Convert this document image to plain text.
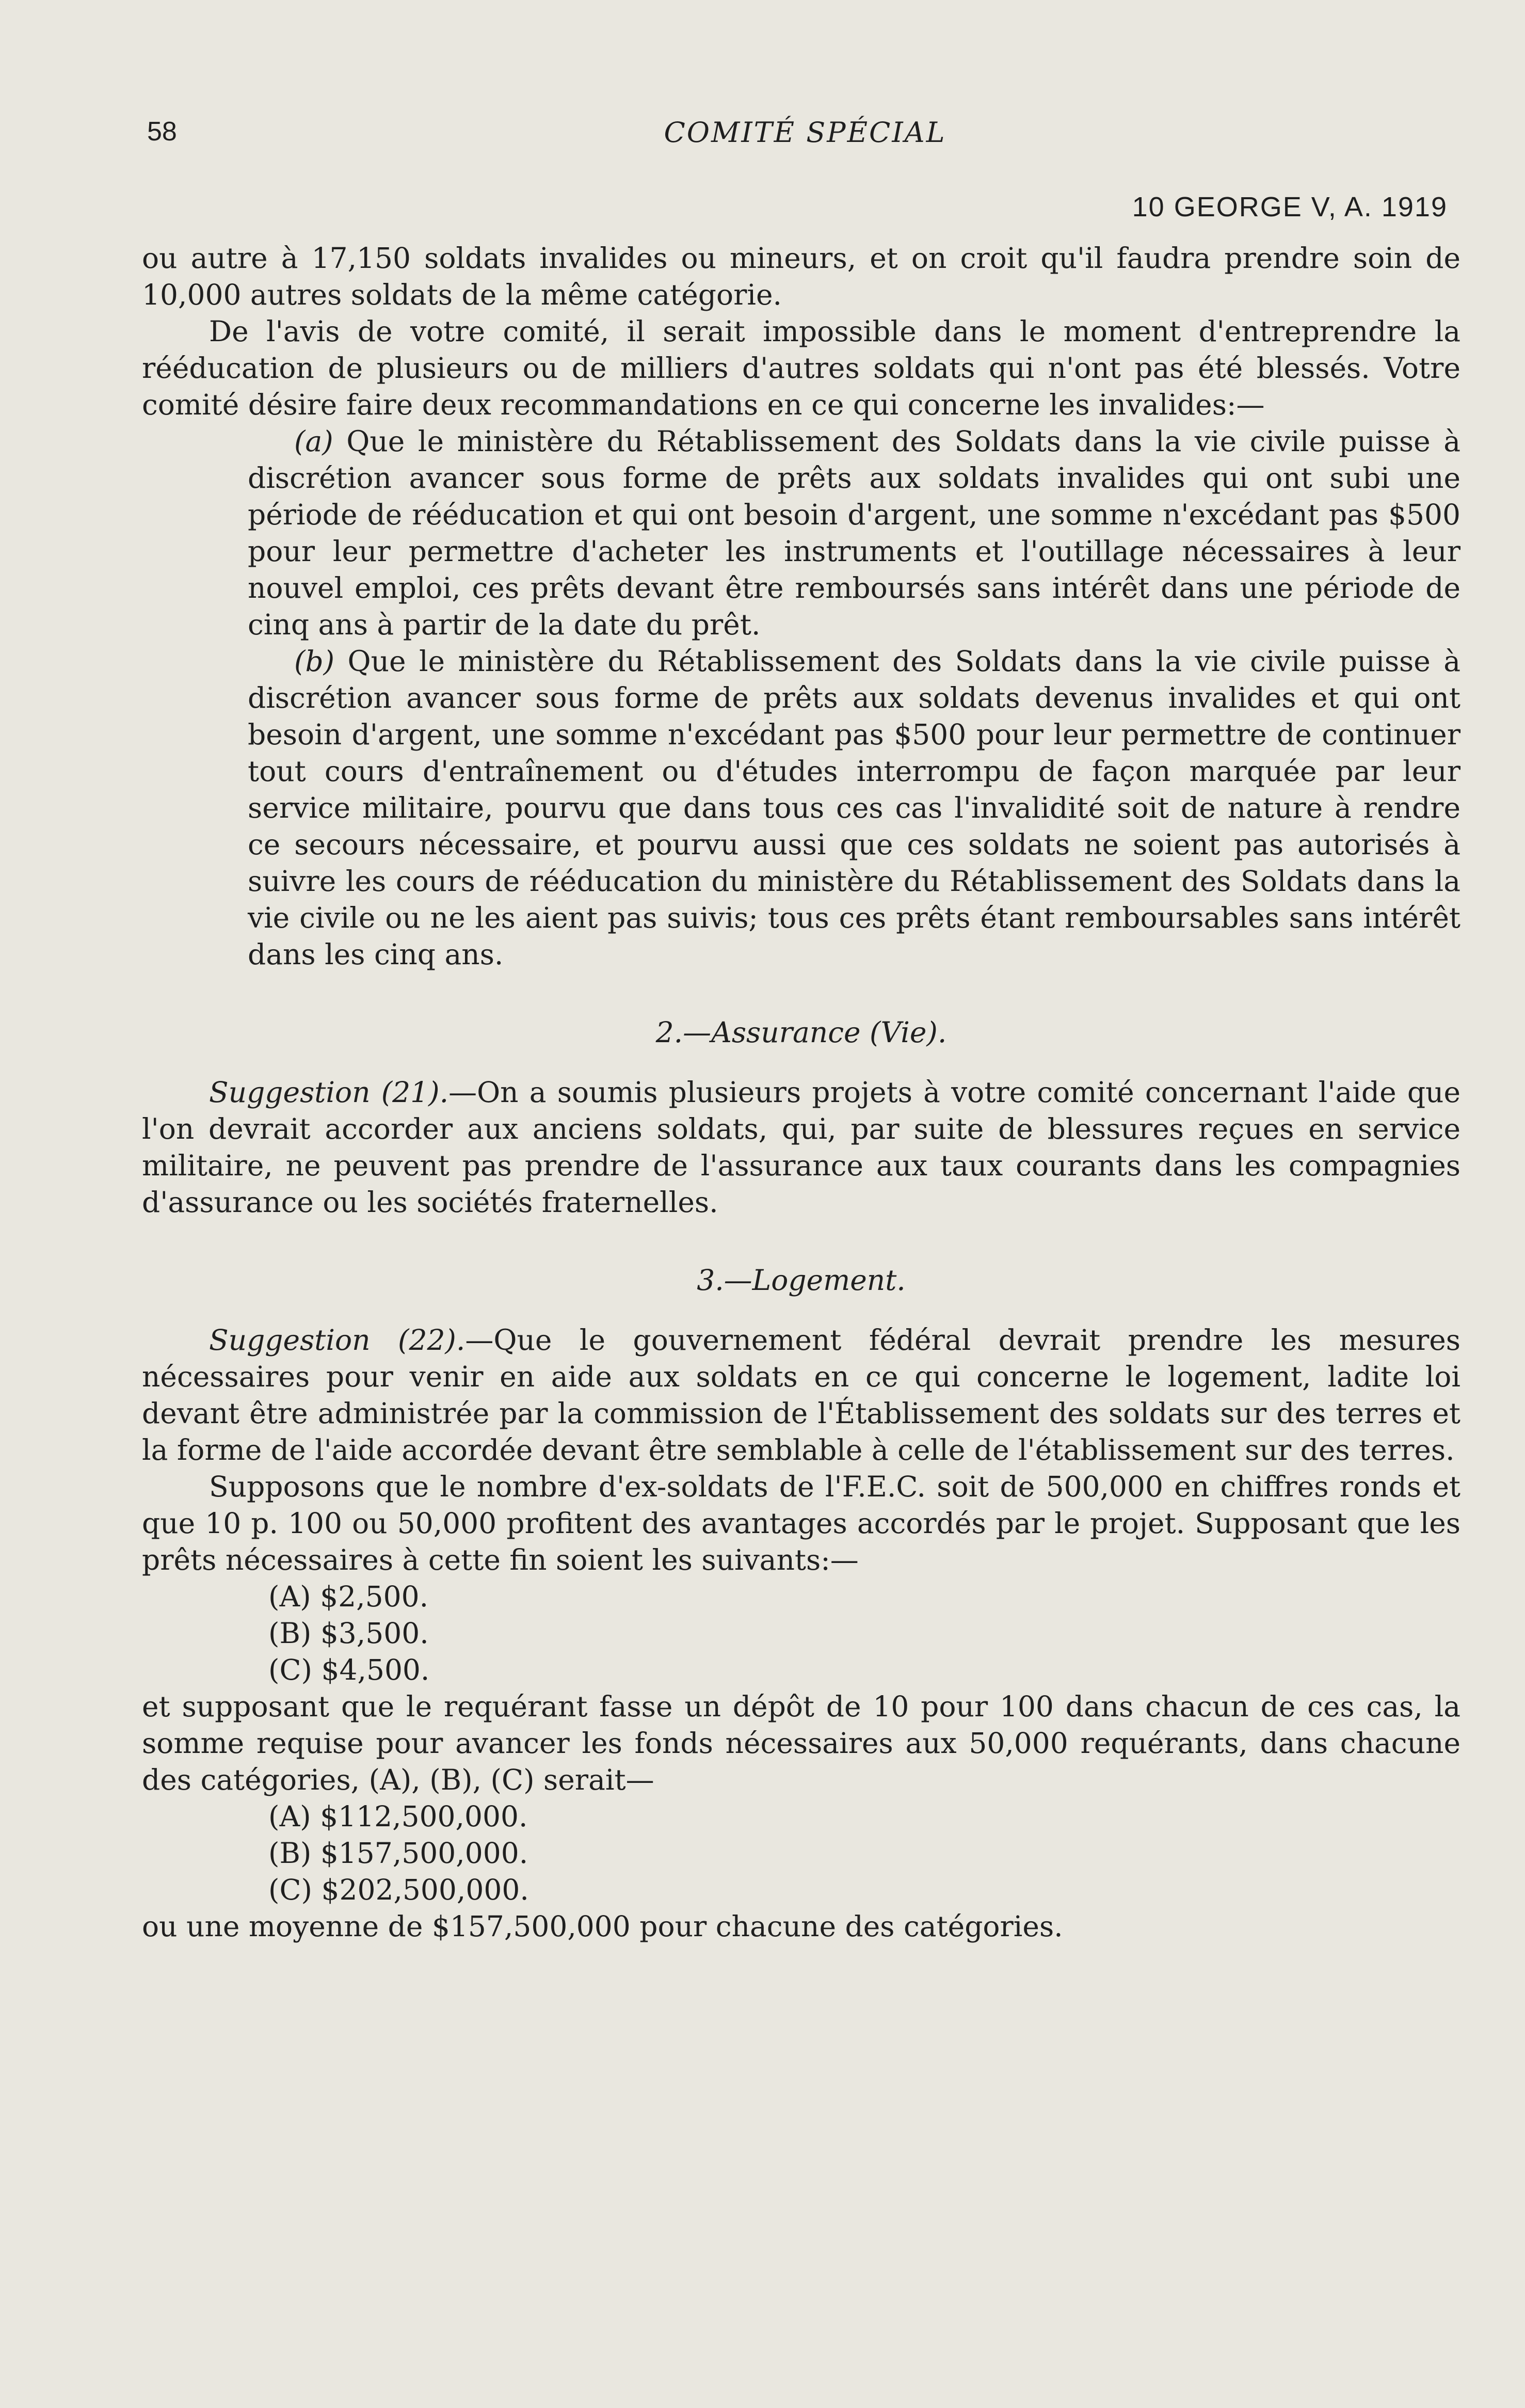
58	COMITÉ SPÉCIAL
10 GEORGE V, A. 1919

ou autre à 17,150 soldats invalides ou mineurs, et on croit qu'il faudra prendre soin de 10,000 autres soldats de la même catégorie.

De l'avis de votre comité, il serait impossible dans le moment d'entreprendre la rééducation de plusieurs ou de milliers d'autres soldats qui n'ont pas été blessés. Votre comité désire faire deux recommandations en ce qui concerne les invalides:—

(a) Que le ministère du Rétablissement des Soldats dans la vie civile puisse à discrétion avancer sous forme de prêts aux soldats invalides qui ont subi une période de rééducation et qui ont besoin d'argent, une somme n'excédant pas $500 pour leur permettre d'acheter les instruments et l'outillage nécessaires à leur nouvel emploi, ces prêts devant être remboursés sans intérêt dans une période de cinq ans à partir de la date du prêt.

(b) Que le ministère du Rétablissement des Soldats dans la vie civile puisse à discrétion avancer sous forme de prêts aux soldats devenus invalides et qui ont besoin d'argent, une somme n'excédant pas $500 pour leur permettre de continuer tout cours d'entraînement ou d'études interrompu de façon marquée par leur service militaire, pourvu que dans tous ces cas l'invalidité soit de nature à rendre ce secours nécessaire, et pourvu aussi que ces soldats ne soient pas autorisés à suivre les cours de rééducation du ministère du Rétablissement des Soldats dans la vie civile ou ne les aient pas suivis; tous ces prêts étant remboursables sans intérêt dans les cinq ans.

2.—Assurance (Vie).

Suggestion (21).—On a soumis plusieurs projets à votre comité concernant l'aide que l'on devrait accorder aux anciens soldats, qui, par suite de blessures reçues en service militaire, ne peuvent pas prendre de l'assurance aux taux courants dans les compagnies d'assurance ou les sociétés fraternelles.

3.—Logement.

Suggestion (22).—Que le gouvernement fédéral devrait prendre les mesures nécessaires pour venir en aide aux soldats en ce qui concerne le logement, ladite loi devant être administrée par la commission de l'Établissement des soldats sur des terres et la forme de l'aide accordée devant être semblable à celle de l'établissement sur des terres.

Supposons que le nombre d'ex-soldats de l'F.E.C. soit de 500,000 en chiffres ronds et que 10 p. 100 ou 50,000 profitent des avantages accordés par le projet. Supposant que les prêts nécessaires à cette fin soient les suivants:—

(A) $2,500.
(B) $3,500.
(C) $4,500.

et supposant que le requérant fasse un dépôt de 10 pour 100 dans chacun de ces cas, la somme requise pour avancer les fonds nécessaires aux 50,000 requérants, dans chacune des catégories, (A), (B), (C) serait—

(A) $112,500,000.
(B) $157,500,000.
(C) $202,500,000.

ou une moyenne de $157,500,000 pour chacune des catégories.
